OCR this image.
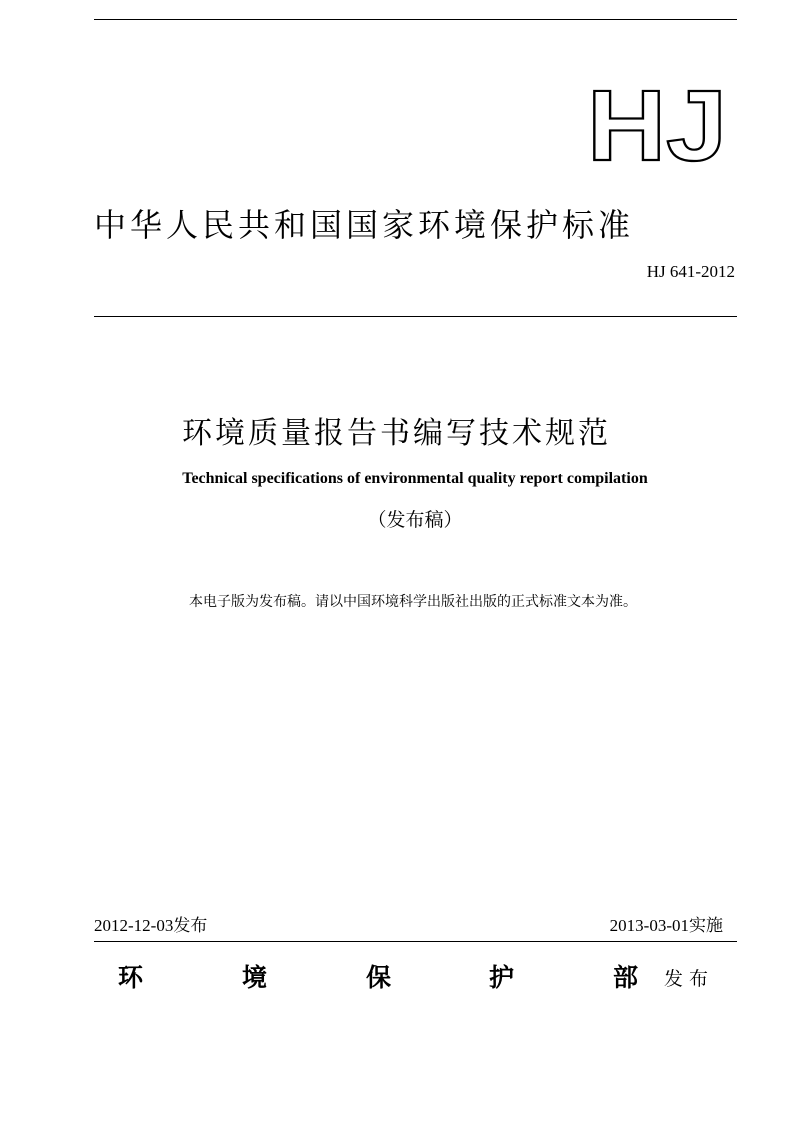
HJ
中华人民共和国国家环境保护标准
HJ 641-2012
环境质量报告书编写技术规范
Technical specifications of environmental quality report compilation
（发布稿）
本电子版为发布稿。请以中国环境科学出版社出版的正式标准文本为准。
2012-12-03发布	2013-03-01实施
环	境	保	护	部 发布
